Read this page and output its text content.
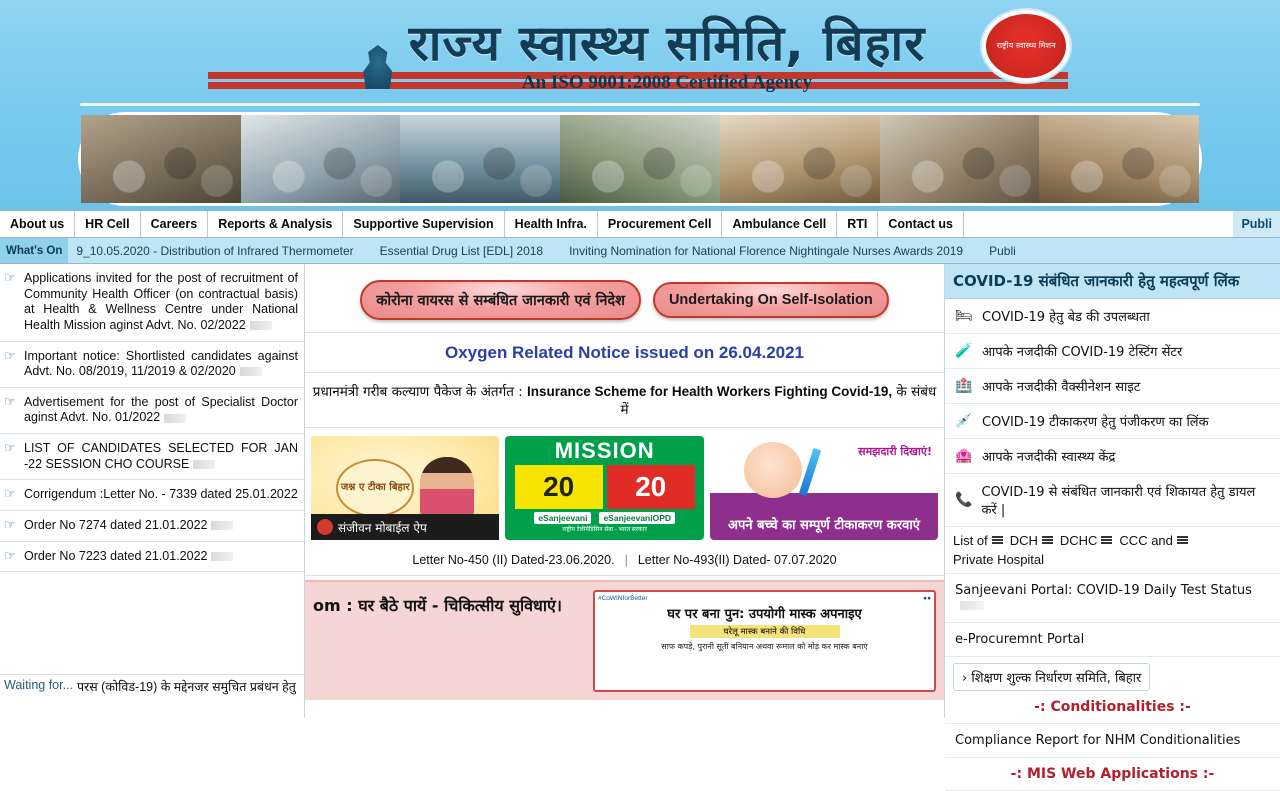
राज्य स्वास्थ्य समिति, बिहार
An ISO 9001:2008 Certified Agency
राष्ट्रीय स्वास्थ्य मिशन
About us	HR Cell	Careers	Reports & Analysis	Supportive Supervision	Health Infra.	Procurement Cell	Ambulance Cell	RTI	Contact us	Publi
What's On	9_10.05.2020 - Distribution of Infrared Thermometer Essential Drug List [EDL] 2018 Inviting Nomination for National Florence Nightingale Nurses Awards 2019 Publi
☞ Applications invited for the post of recruitment of Community Health Officer (on contractual basis) at Health & Wellness Centre under National Health Mission aginst Advt. No. 02/2022
☞ Important notice: Shortlisted candidates against Advt. No. 08/2019, 11/2019 & 02/2020
☞ Advertisement for the post of Specialist Doctor aginst Advt. No. 01/2022
☞ LIST OF CANDIDATES SELECTED FOR JAN -22 SESSION CHO COURSE
☞ Corrigendum :Letter No. - 7339 dated 25.01.2022
☞ Order No 7274 dated 21.01.2022
☞ Order No 7223 dated 21.01.2022
Waiting for... परस (कोविड-19) के मद्देनजर समुचित प्रबंधन हेतु
कोरोना वायरस से सम्बंधित जानकारी एवं निदेश	Undertaking On Self-Isolation
Oxygen Related Notice issued on 26.04.2021
प्रधानमंत्री गरीब कल्याण पैकेज के अंतर्गत : Insurance Scheme for Health Workers Fighting Covid-19, के संबंध में
जश्न ए टीका बिहार
संजीवन मोबाईल ऐप
MISSION
20	20
eSanjeevani	eSanjeevaniOPD
राष्ट्रीय टेलीमेडिसिन सेवा - भारत सरकार
समझदारी दिखाएं!
अपने बच्चे का सम्पूर्ण टीकाकरण करवाएं
Letter No-450 (II) Dated-23.06.2020. | Letter No-493(II) Dated- 07.07.2020
om : घर बैठे पायें - चिकित्सीय सुविधाएं।	#CoWINforBetter	●●
घर पर बना पुन: उपयोगी मास्क अपनाइए
घरेलू मास्क बनाने की विधि
साफ कपड़े, पुरानी सूती बनियान अथवा रूमाल को मोड़ कर मास्क बनाएं
COVID-19 संबंधित जानकारी हेतु महत्वपूर्ण लिंक
🛏 COVID-19 हेतु बेड की उपलब्धता
🧪 आपके नजदीकी COVID-19 टेस्टिंग सेंटर
🏥 आपके नजदीकी वैक्सीनेशन साइट
💉 COVID-19 टीकाकरण हेतु पंजीकरण का लिंक
🏩 आपके नजदीकी स्वास्थ्य केंद्र
📞 COVID-19 से संबंधित जानकारी एवं शिकायत हेतु डायल करें |
List of DCH DCHC CCC and
Private Hospital
Sanjeevani Portal: COVID-19 Daily Test Status
e-Procuremnt Portal
› शिक्षण शुल्क निर्धारण समिति, बिहार
-: Conditionalities :-
Compliance Report for NHM Conditionalities
-: MIS Web Applications :-
